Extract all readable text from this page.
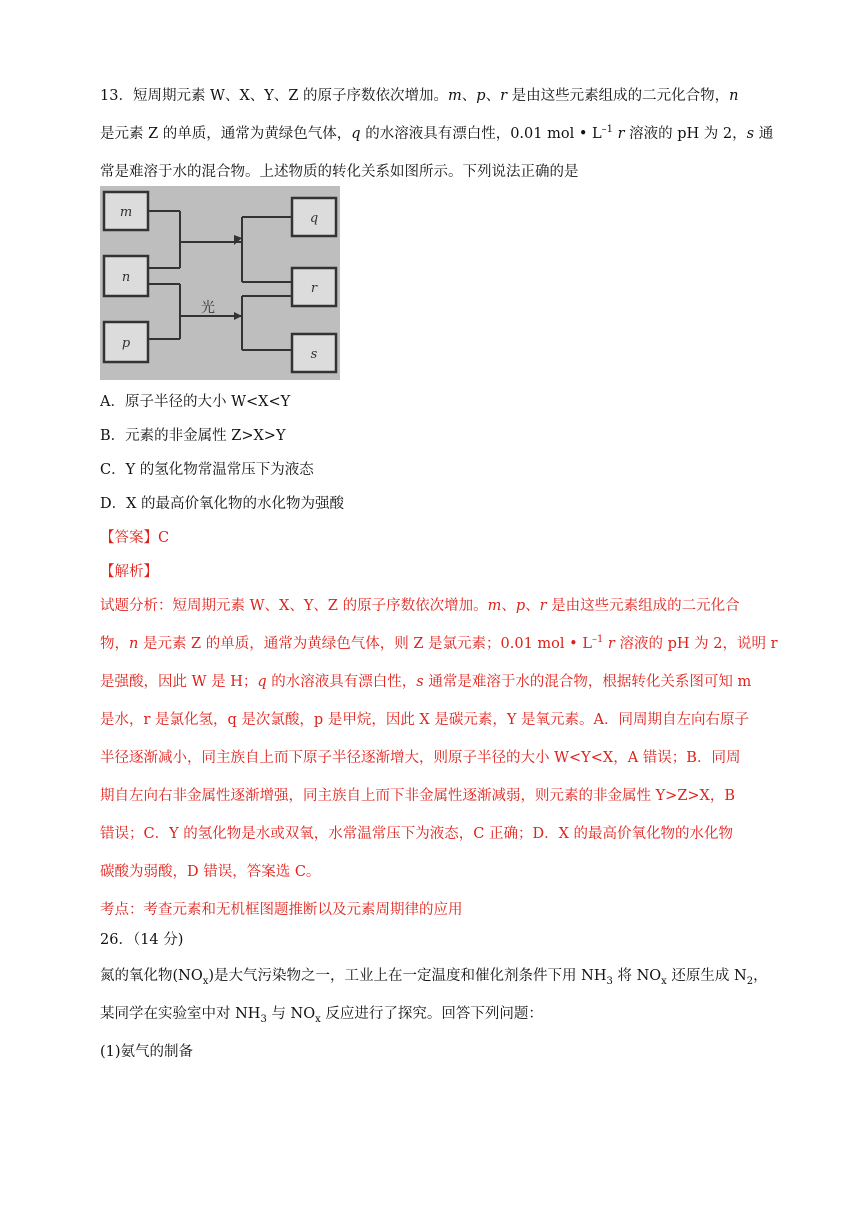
13．短周期元素 W、X、Y、Z 的原子序数依次增加。m、p、r 是由这些元素组成的二元化合物，n
是元素 Z 的单质，通常为黄绿色气体，q 的水溶液具有漂白性，0.01 mol • $L^{-1}$ r 溶液的 pH 为 2，s 通
常是难溶于水的混合物。上述物质的转化关系如图所示。下列说法正确的是
m
n
p
q
r
s
光
A．原子半径的大小 W<X<Y
B．元素的非金属性 Z>X>Y
C．Y 的氢化物常温常压下为液态
D．X 的最高价氧化物的水化物为强酸
【答案】C
【解析】
试题分析：短周期元素 W、X、Y、Z 的原子序数依次增加。m、p、r 是由这些元素组成的二元化合
物，n 是元素 Z 的单质，通常为黄绿色气体，则 Z 是氯元素；0.01 mol • $L^{-1}$ r 溶液的 pH 为 2，说明 r
是强酸，因此 W 是 H；q 的水溶液具有漂白性，s 通常是难溶于水的混合物，根据转化关系图可知 m
是水，r 是氯化氢，q 是次氯酸，p 是甲烷，因此 X 是碳元素，Y 是氧元素。A．同周期自左向右原子
半径逐渐减小，同主族自上而下原子半径逐渐增大，则原子半径的大小 W<Y<X，A 错误；B．同周
期自左向右非金属性逐渐增强，同主族自上而下非金属性逐渐减弱，则元素的非金属性 Y>Z>X，B
错误；C．Y 的氢化物是水或双氧，水常温常压下为液态，C 正确；D．X 的最高价氧化物的水化物
碳酸为弱酸，D 错误，答案选 C。
考点：考查元素和无机框图题推断以及元素周期律的应用
26．（14 分)
氮的氧化物$(NO_x)$是大气污染物之一，工业上在一定温度和催化剂条件下用 $NH_3$ 将 $NO_x$ 还原生成 $N_2$，
某同学在实验室中对 $NH_3$ 与 $NO_x$ 反应进行了探究。回答下列问题：
(1)氨气的制备
